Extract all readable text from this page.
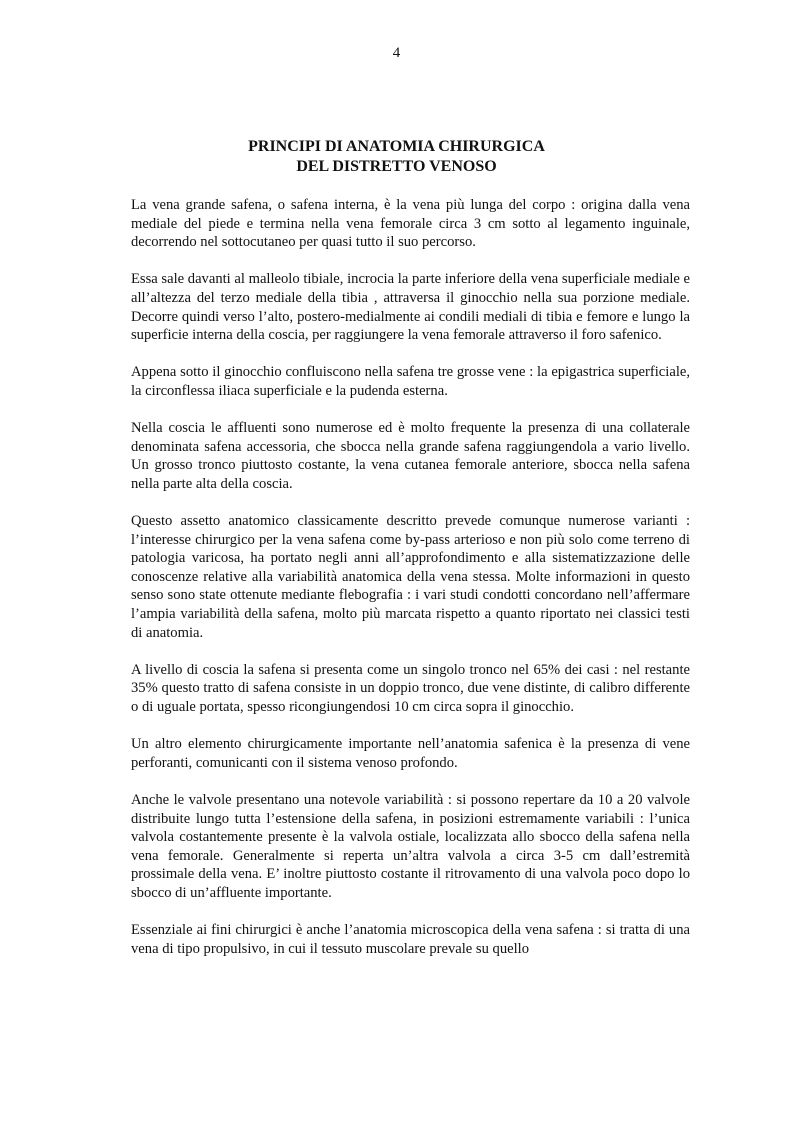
4
PRINCIPI DI ANATOMIA CHIRURGICA
DEL DISTRETTO VENOSO

La vena grande safena, o safena interna, è la vena più lunga del corpo : origina dalla vena mediale del piede e termina nella vena femorale circa 3 cm sotto al legamento inguinale, decorrendo nel sottocutaneo per quasi tutto il suo percorso.

Essa sale davanti al malleolo tibiale, incrocia la parte inferiore della vena superficiale mediale e all’altezza del terzo mediale della tibia , attraversa il ginocchio nella sua porzione mediale. Decorre quindi verso l’alto, postero-medialmente ai condili mediali di tibia e femore e lungo la superficie interna della coscia, per raggiungere la vena femorale attraverso il foro safenico.

Appena sotto il ginocchio confluiscono nella safena tre grosse vene : la epigastrica superficiale, la circonflessa iliaca superficiale e la pudenda esterna.

Nella coscia le affluenti sono numerose ed è molto frequente la presenza di una collaterale denominata safena accessoria, che sbocca nella grande safena raggiungendola a vario livello. Un grosso tronco piuttosto costante, la vena cutanea femorale anteriore, sbocca nella safena nella parte alta della coscia.

Questo assetto anatomico classicamente descritto prevede comunque numerose varianti : l’interesse chirurgico per la vena safena come by-pass arterioso e non più solo come terreno di patologia varicosa, ha portato negli anni all’approfondimento e alla sistematizzazione delle conoscenze relative alla variabilità anatomica della vena stessa. Molte informazioni in questo senso sono state ottenute mediante flebografia : i vari studi condotti concordano nell’affermare l’ampia variabilità della safena, molto più marcata rispetto a quanto riportato nei classici testi di anatomia.

A livello di coscia la safena si presenta come un singolo tronco nel 65% dei casi : nel restante 35% questo tratto di safena consiste in un doppio tronco, due vene distinte, di calibro differente o di uguale portata, spesso ricongiungendosi 10 cm circa sopra il ginocchio.

Un altro elemento chirurgicamente importante nell’anatomia safenica è la presenza di vene perforanti, comunicanti con il sistema venoso profondo.

Anche le valvole presentano una notevole variabilità : si possono repertare da 10 a 20 valvole distribuite lungo tutta l’estensione della safena, in posizioni estremamente variabili : l’unica valvola costantemente presente è la valvola ostiale, localizzata allo sbocco della safena nella vena femorale. Generalmente si reperta un’altra valvola a circa 3-5 cm dall’estremità prossimale della vena. E’ inoltre piuttosto costante il ritrovamento di una valvola poco dopo lo sbocco di un’affluente importante.

Essenziale ai fini chirurgici è anche l’anatomia microscopica della vena safena : si tratta di una vena di tipo propulsivo, in cui il tessuto muscolare prevale su quello
